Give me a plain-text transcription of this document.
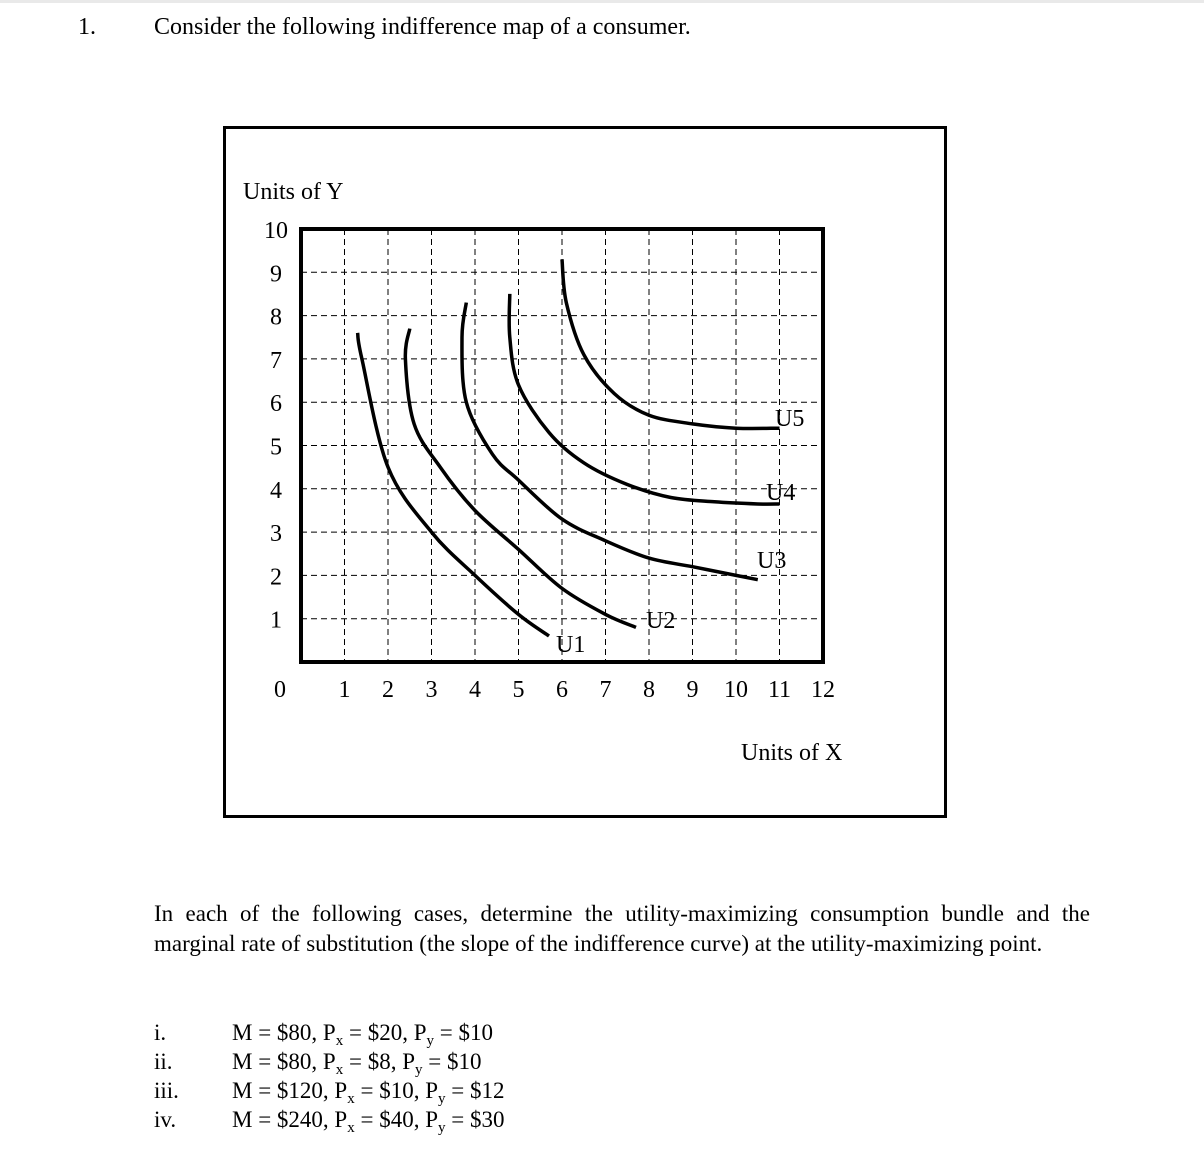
1. Consider the following indifference map of a consumer.
Units of Y
Units of X
0 1 2 3 4 5 6 7 8 9 10 11 12
10
9
8
7
6
5
4
3
2
1
U1
U2
U3
U4
U5
In each of the following cases, determine the utility-maximizing consumption bundle and the marginal rate of substitution (the slope of the indifference curve) at the utility-maximizing point.
i.	M = $80, $P_x$ = $20, $P_y$ = $10
ii.	M = $80, $P_x$ = $8, $P_y$ = $10
iii.	M = $120, $P_x$ = $10, $P_y$ = $12
iv.	M = $240, $P_x$ = $40, $P_y$ = $30
